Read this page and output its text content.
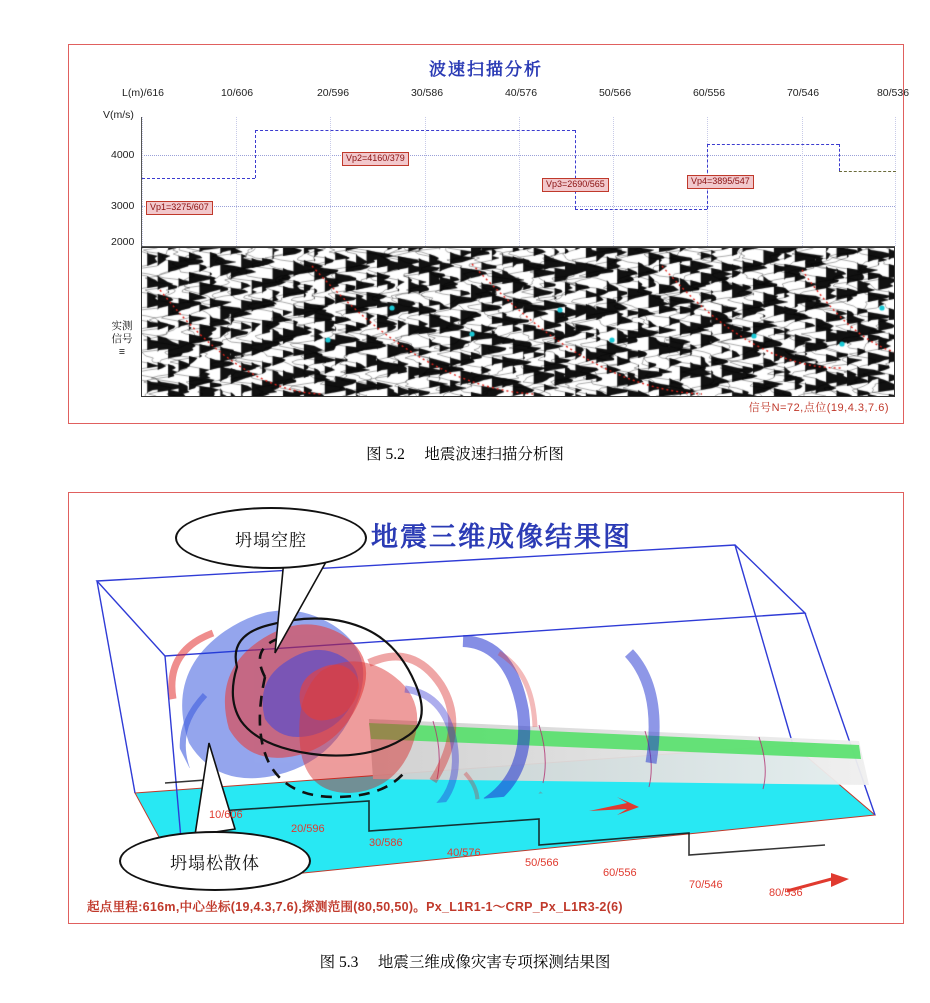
波速扫描分析
L(m)/616	10/606	20/596	30/586	40/576	50/566	60/556	70/546	80/536
V(m/s)
4000
3000
2000
Vp1=3275/607
Vp2=4160/379
Vp3=2690/565	Vp4=3895/547
实测信号
≡
信号N=72,点位(19,4.3,7.6)
图 5.2 地震波速扫描分析图
地震三维成像结果图
10/606
20/596
30/586
40/576
50/566
60/556
70/546
80/536
坍塌空腔
坍塌松散体
起点里程:616m,中心坐标(19,4.3,7.6),探测范围(80,50,50)。Px_L1R1-1～CRP_Px_L1R3-2(6)
图 5.3 地震三维成像灾害专项探测结果图
